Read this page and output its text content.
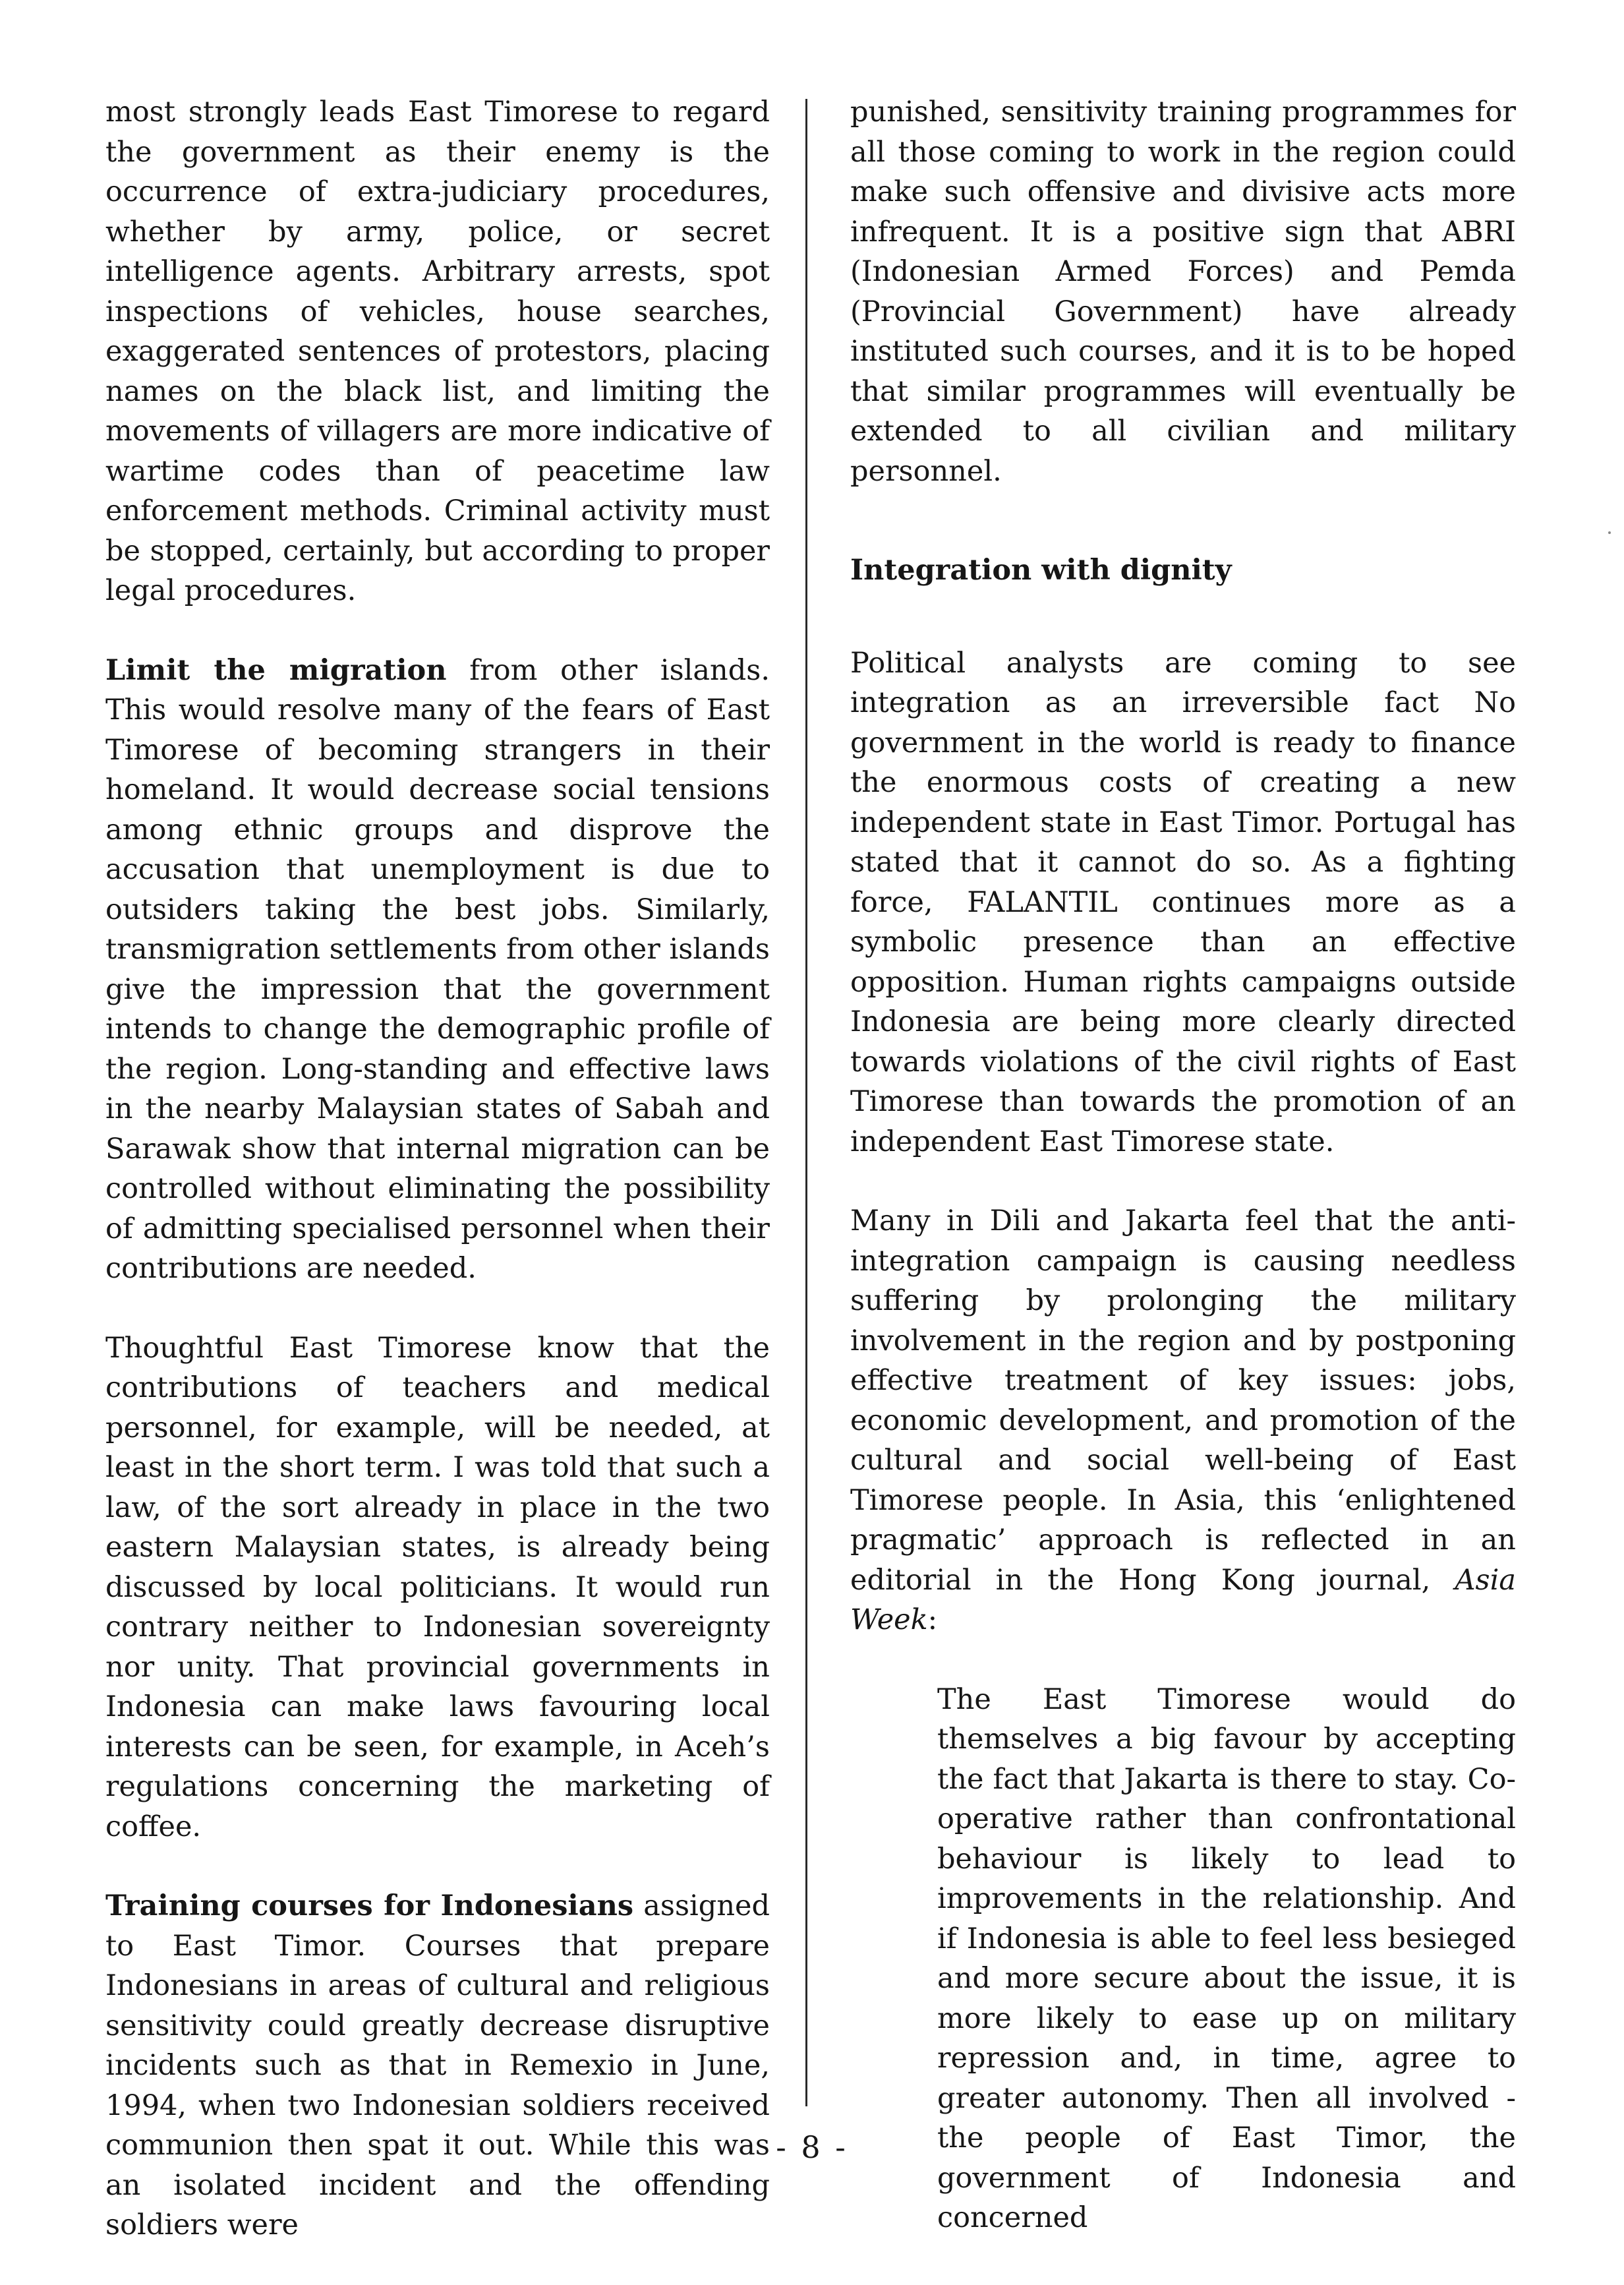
most strongly leads East Timorese to regard the government as their enemy is the occurrence of extra-judiciary procedures, whether by army, police, or secret intelligence agents. Arbitrary arrests, spot inspections of vehicles, house searches, exaggerated sentences of protestors, placing names on the black list, and limiting the movements of villagers are more indicative of wartime codes than of peacetime law enforcement methods. Criminal activity must be stopped, certainly, but according to proper legal procedures.

Limit the migration from other islands. This would resolve many of the fears of East Timorese of becoming strangers in their homeland. It would decrease social tensions among ethnic groups and disprove the accusation that unemployment is due to outsiders taking the best jobs. Similarly, transmigration settlements from other islands give the impression that the government intends to change the demographic profile of the region. Long-standing and effective laws in the nearby Malaysian states of Sabah and Sarawak show that internal migration can be controlled without eliminating the possibility of admitting specialised personnel when their contributions are needed.

Thoughtful East Timorese know that the contributions of teachers and medical personnel, for example, will be needed, at least in the short term. I was told that such a law, of the sort already in place in the two eastern Malaysian states, is already being discussed by local politicians. It would run contrary neither to Indonesian sovereignty nor unity. That provincial governments in Indonesia can make laws favouring local interests can be seen, for example, in Aceh’s regulations concerning the marketing of coffee.

Training courses for Indonesians assigned to East Timor. Courses that prepare Indonesians in areas of cultural and religious sensitivity could greatly decrease disruptive incidents such as that in Remexio in June, 1994, when two Indonesian soldiers received communion then spat it out. While this was an isolated incident and the offending soldiers were

punished, sensitivity training programmes for all those coming to work in the region could make such offensive and divisive acts more infrequent. It is a positive sign that ABRI (Indonesian Armed Forces) and Pemda (Provincial Government) have already instituted such courses, and it is to be hoped that similar programmes will eventually be extended to all civilian and military personnel.

Integration with dignity

Political analysts are coming to see integration as an irreversible fact No government in the world is ready to finance the enormous costs of creating a new independent state in East Timor. Portugal has stated that it cannot do so. As a fighting force, FALANTIL continues more as a symbolic presence than an effective opposition. Human rights campaigns outside Indonesia are being more clearly directed towards violations of the civil rights of East Timorese than towards the promotion of an independent East Timorese state.

Many in Dili and Jakarta feel that the anti-integration campaign is causing needless suffering by prolonging the military involvement in the region and by postponing effective treatment of key issues: jobs, economic development, and promotion of the cultural and social well-being of East Timorese people. In Asia, this ‘enlightened pragmatic’ approach is reflected in an editorial in the Hong Kong journal, Asia Week:

The East Timorese would do themselves a big favour by accepting the fact that Jakarta is there to stay. Co-operative rather than confrontational behaviour is likely to lead to improvements in the relationship. And if Indonesia is able to feel less besieged and more secure about the issue, it is more likely to ease up on military repression and, in time, agree to greater autonomy. Then all involved - the people of East Timor, the government of Indonesia and concerned

- 8 -
